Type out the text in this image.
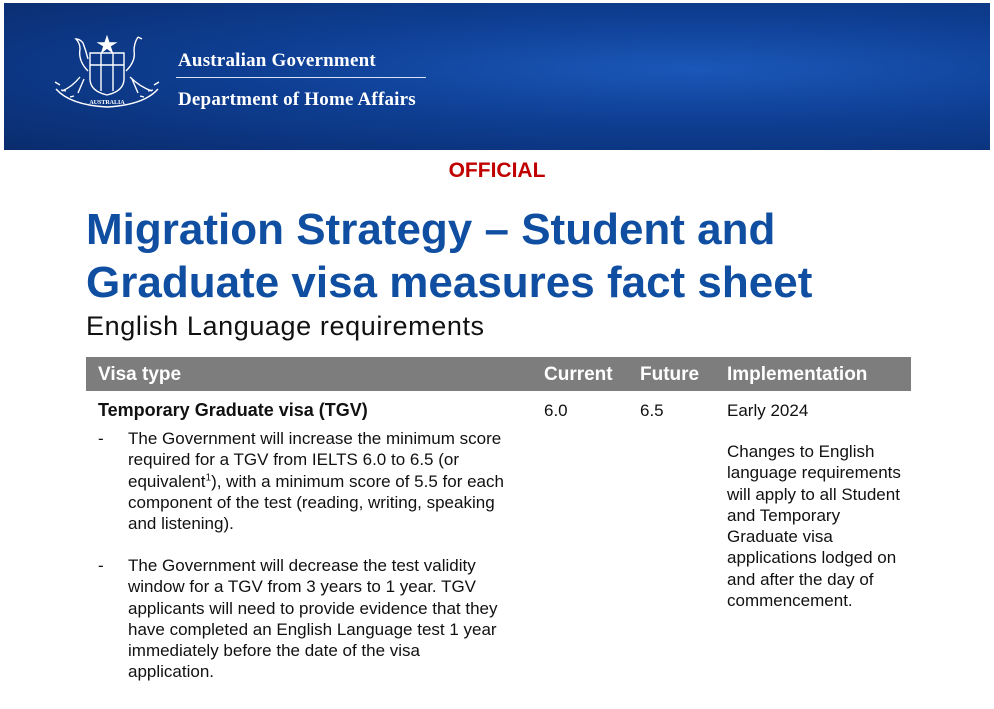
AUSTRALIA
Australian Government
Department of Home Affairs
OFFICIAL
Migration Strategy – Student and Graduate visa measures fact sheet
English Language requirements
Visa type	Current Future Implementation
Temporary Graduate visa (TGV)	6.0	6.5	Early 2024
- The Government will increase the minimum score required for a TGV from IELTS 6.0 to 6.5 (or equivalent$^1$), with a minimum score of 5.5 for each component of the test (reading, writing, speaking and listening).
- The Government will decrease the test validity window for a TGV from 3 years to 1 year. TGV applicants will need to provide evidence that they have completed an English Language test 1 year immediately before the date of the visa application.
Changes to English language requirements will apply to all Student and Temporary Graduate visa applications lodged on and after the day of commencement.
